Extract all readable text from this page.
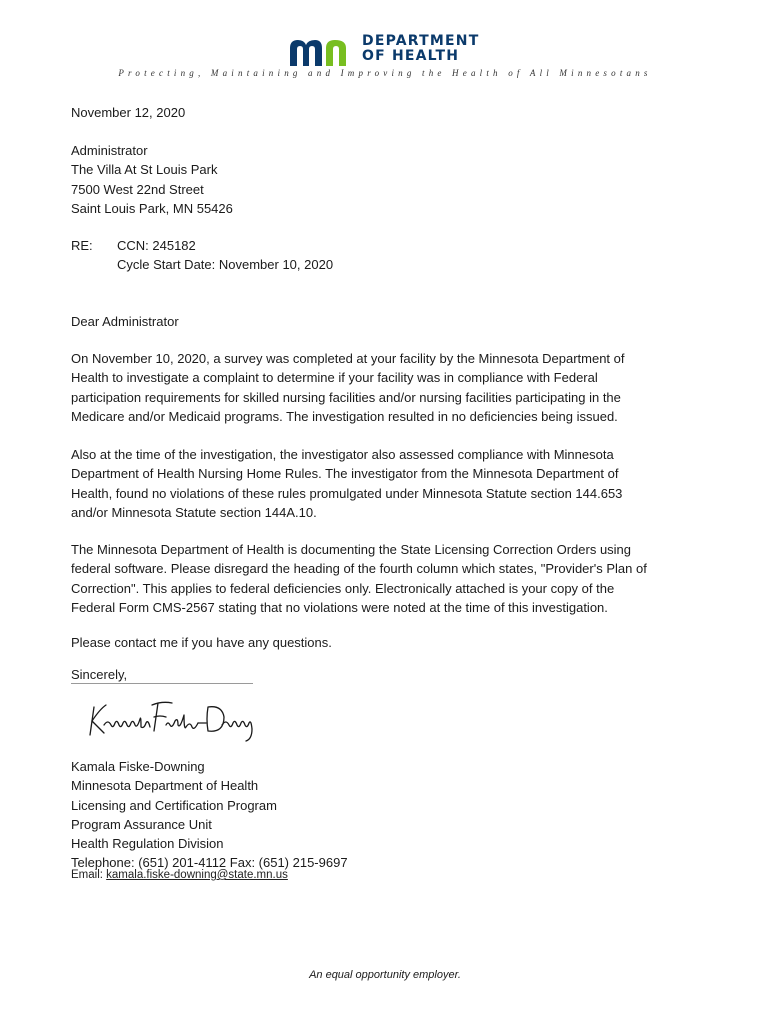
DEPARTMENT
OF HEALTH
Protecting, Maintaining and Improving the Health of All Minnesotans
November 12, 2020
Administrator
The Villa At St Louis Park
7500 West 22nd Street
Saint Louis Park, MN 55426
RE: CCN: 245182
Cycle Start Date: November 10, 2020
Dear Administrator
On November 10, 2020, a survey was completed at your facility by the Minnesota Department of
Health to investigate a complaint to determine if your facility was in compliance with Federal
participation requirements for skilled nursing facilities and/or nursing facilities participating in the
Medicare and/or Medicaid programs. The investigation resulted in no deficiencies being issued.
Also at the time of the investigation, the investigator also assessed compliance with Minnesota
Department of Health Nursing Home Rules. The investigator from the Minnesota Department of
Health, found no violations of these rules promulgated under Minnesota Statute section 144.653
and/or Minnesota Statute section 144A.10.
The Minnesota Department of Health is documenting the State Licensing Correction Orders using
federal software. Please disregard the heading of the fourth column which states, "Provider's Plan of
Correction". This applies to federal deficiencies only. Electronically attached is your copy of the
Federal Form CMS-2567 stating that no violations were noted at the time of this investigation.
Please contact me if you have any questions.
Sincerely,
Kamala Fiske-Downing
Minnesota Department of Health
Licensing and Certification Program
Program Assurance Unit
Health Regulation Division
Telephone: (651) 201-4112 Fax: (651) 215-9697
Email: kamala.fiske-downing@state.mn.us
An equal opportunity employer.
